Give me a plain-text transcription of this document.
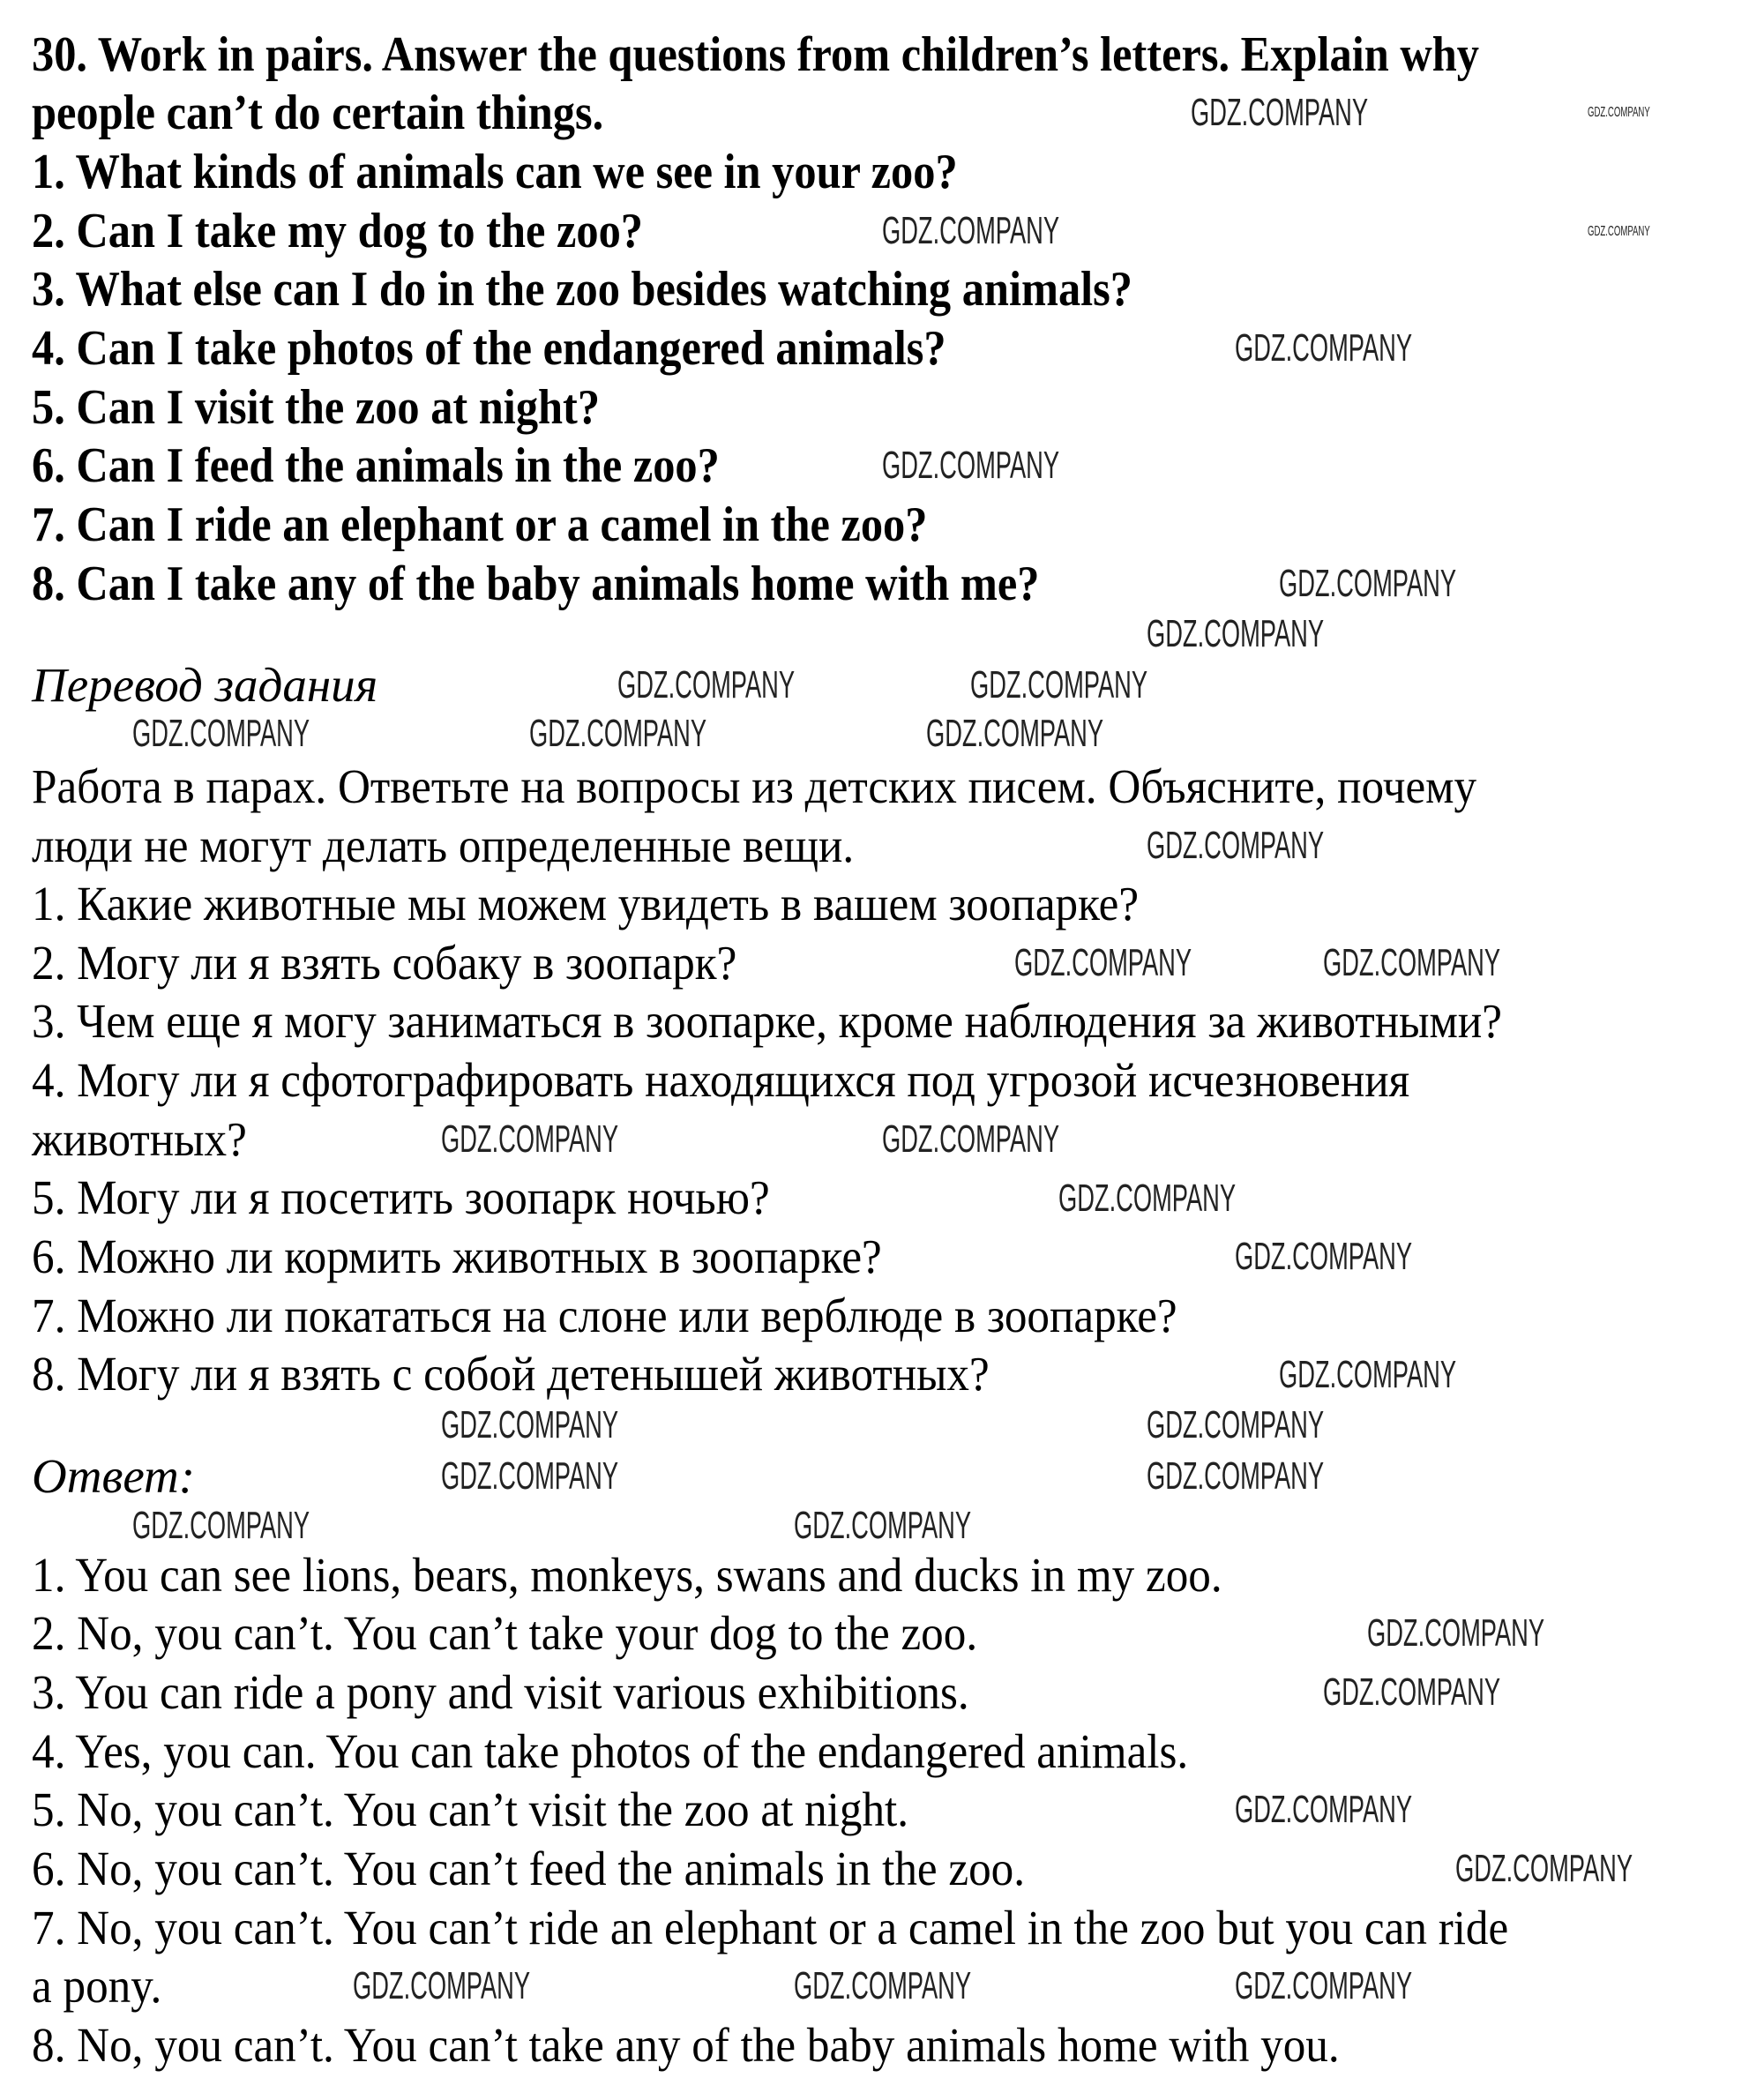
30. Work in pairs. Answer the questions from children’s letters. Explain why
people can’t do certain things.
1. What kinds of animals can we see in your zoo?
2. Can I take my dog to the zoo?
3. What else can I do in the zoo besides watching animals?
4. Can I take photos of the endangered animals?
5. Can I visit the zoo at night?
6. Can I feed the animals in the zoo?
7. Can I ride an elephant or a camel in the zoo?
8. Can I take any of the baby animals home with me?
Перевод задания
Работа в парах. Ответьте на вопросы из детских писем. Объясните, почему
люди не могут делать определенные вещи.
1. Какие животные мы можем увидеть в вашем зоопарке?
2. Могу ли я взять собаку в зоопарк?
3. Чем еще я могу заниматься в зоопарке, кроме наблюдения за животными?
4. Могу ли я сфотографировать находящихся под угрозой исчезновения
животных?
5. Могу ли я посетить зоопарк ночью?
6. Можно ли кормить животных в зоопарке?
7. Можно ли покататься на слоне или верблюде в зоопарке?
8. Могу ли я взять с собой детенышей животных?
Ответ:
1. You can see lions, bears, monkeys, swans and ducks in my zoo.
2. No, you can’t. You can’t take your dog to the zoo.
3. You can ride a pony and visit various exhibitions.
4. Yes, you can. You can take photos of the endangered animals.
5. No, you can’t. You can’t visit the zoo at night.
6. No, you can’t. You can’t feed the animals in the zoo.
7. No, you can’t. You can’t ride an elephant or a camel in the zoo but you can ride
a pony.
8. No, you can’t. You can’t take any of the baby animals home with you.
GDZ.COMPANY	GDZ.COMPANY
GDZ.COMPANY	GDZ.COMPANY
GDZ.COMPANY
GDZ.COMPANY
GDZ.COMPANY
GDZ.COMPANY
GDZ.COMPANY	GDZ.COMPANY
GDZ.COMPANY	GDZ.COMPANY	GDZ.COMPANY
GDZ.COMPANY
GDZ.COMPANY	GDZ.COMPANY
GDZ.COMPANY	GDZ.COMPANY
GDZ.COMPANY
GDZ.COMPANY
GDZ.COMPANY
GDZ.COMPANY	GDZ.COMPANY
GDZ.COMPANY	GDZ.COMPANY
GDZ.COMPANY	GDZ.COMPANY
GDZ.COMPANY
GDZ.COMPANY
GDZ.COMPANY
GDZ.COMPANY
GDZ.COMPANY	GDZ.COMPANY	GDZ.COMPANY
